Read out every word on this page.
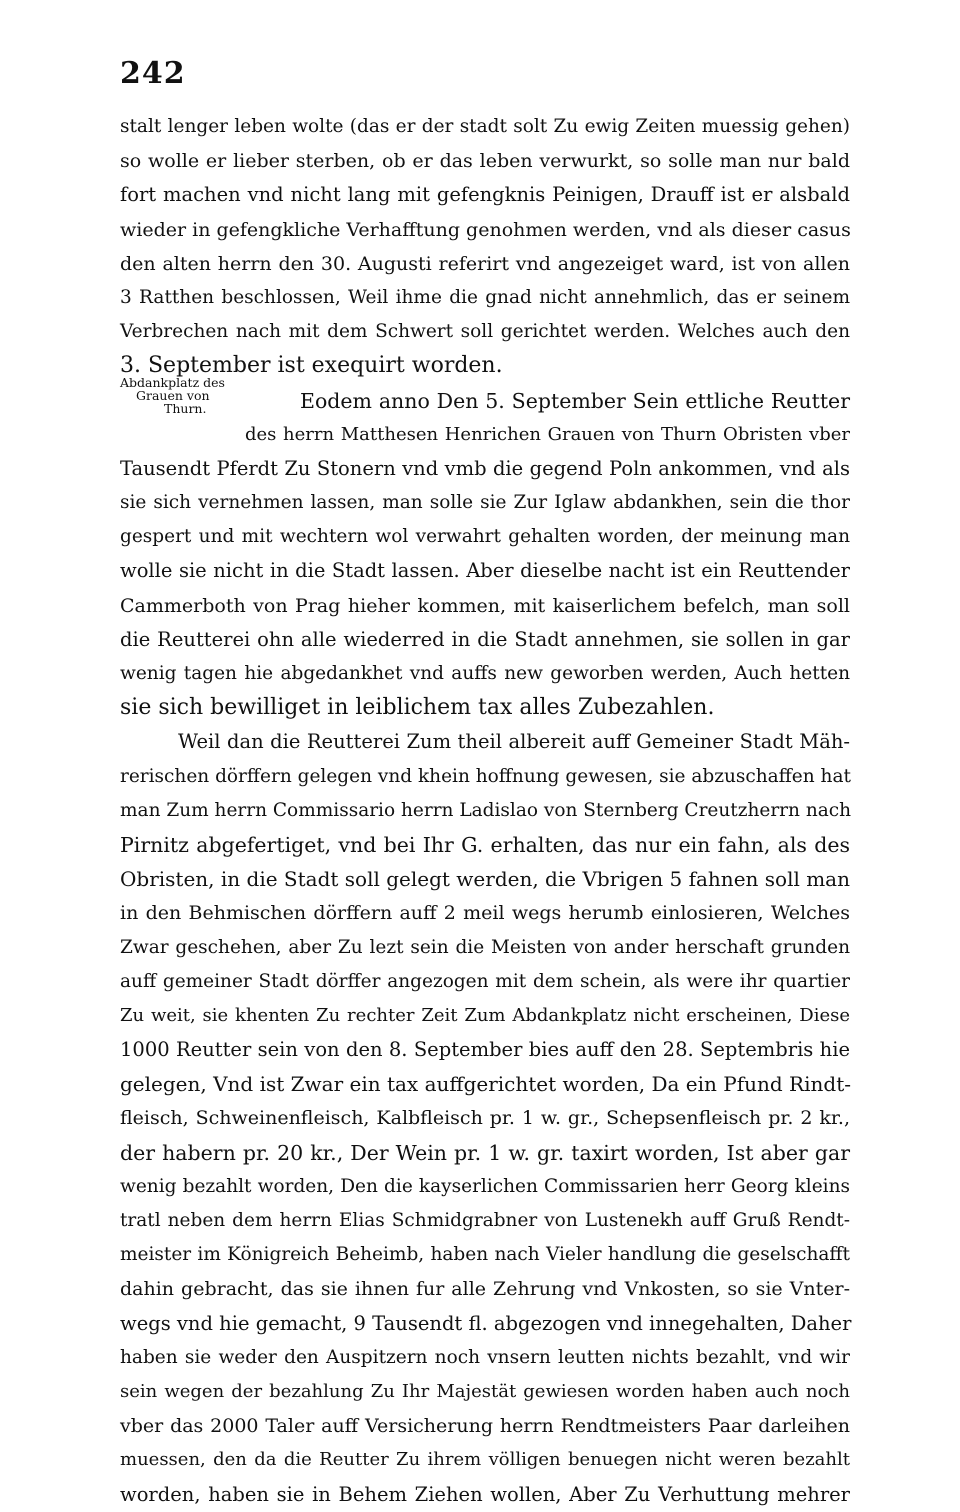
242
Abdankplatz des
Grauen von
Thurn.
stalt lenger leben wolte (das er der stadt solt Zu ewig Zeiten muessig gehen)
so wolle er lieber sterben, ob er das leben verwurkt, so solle man nur bald
fort machen vnd nicht lang mit gefengknis Peinigen, Drauff ist er alsbald
wieder in gefengkliche Verhafftung genohmen werden, vnd als dieser casus
den alten herrn den 30. Augusti referirt vnd angezeiget ward, ist von allen
3 Ratthen beschlossen, Weil ihme die gnad nicht annehmlich, das er seinem
Verbrechen nach mit dem Schwert soll gerichtet werden. Welches auch den
3. September ist exequirt worden.
Eodem anno Den 5. September Sein ettliche Reutter
des herrn Matthesen Henrichen Grauen von Thurn Obristen vber
Tausendt Pferdt Zu Stonern vnd vmb die gegend Poln ankommen, vnd als
sie sich vernehmen lassen, man solle sie Zur Iglaw abdankhen, sein die thor
gespert und mit wechtern wol verwahrt gehalten worden, der meinung man
wolle sie nicht in die Stadt lassen. Aber dieselbe nacht ist ein Reuttender
Cammerboth von Prag hieher kommen, mit kaiserlichem befelch, man soll
die Reutterei ohn alle wiederred in die Stadt annehmen, sie sollen in gar
wenig tagen hie abgedankhet vnd auffs new geworben werden, Auch hetten
sie sich bewilliget in leiblichem tax alles Zubezahlen.
Weil dan die Reutterei Zum theil albereit auff Gemeiner Stadt Mäh-
rerischen dörffern gelegen vnd khein hoffnung gewesen, sie abzuschaffen hat
man Zum herrn Commissario herrn Ladislao von Sternberg Creutzherrn nach
Pirnitz abgefertiget, vnd bei Ihr G. erhalten, das nur ein fahn, als des
Obristen, in die Stadt soll gelegt werden, die Vbrigen 5 fahnen soll man
in den Behmischen dörffern auff 2 meil wegs herumb einlosieren, Welches
Zwar geschehen, aber Zu lezt sein die Meisten von ander herschaft grunden
auff gemeiner Stadt dörffer angezogen mit dem schein, als were ihr quartier
Zu weit, sie khenten Zu rechter Zeit Zum Abdankplatz nicht erscheinen, Diese
1000 Reutter sein von den 8. September bies auff den 28. Septembris hie
gelegen, Vnd ist Zwar ein tax auffgerichtet worden, Da ein Pfund Rindt-
fleisch, Schweinenfleisch, Kalbfleisch pr. 1 w. gr., Schepsenfleisch pr. 2 kr.,
der habern pr. 20 kr., Der Wein pr. 1 w. gr. taxirt worden, Ist aber gar
wenig bezahlt worden, Den die kayserlichen Commissarien herr Georg kleins
tratl neben dem herrn Elias Schmidgrabner von Lustenekh auff Gruß Rendt-
meister im Königreich Beheimb, haben nach Vieler handlung die geselschafft
dahin gebracht, das sie ihnen fur alle Zehrung vnd Vnkosten, so sie Vnter-
wegs vnd hie gemacht, 9 Tausendt fl. abgezogen vnd innegehalten, Daher
haben sie weder den Auspitzern noch vnsern leutten nichts bezahlt, vnd wir
sein wegen der bezahlung Zu Ihr Majestät gewiesen worden haben auch noch
vber das 2000 Taler auff Versicherung herrn Rendtmeisters Paar darleihen
muessen, den da die Reutter Zu ihrem völligen benuegen nicht weren bezahlt
worden, haben sie in Behem Ziehen wollen, Aber Zu Verhuttung mehrer
